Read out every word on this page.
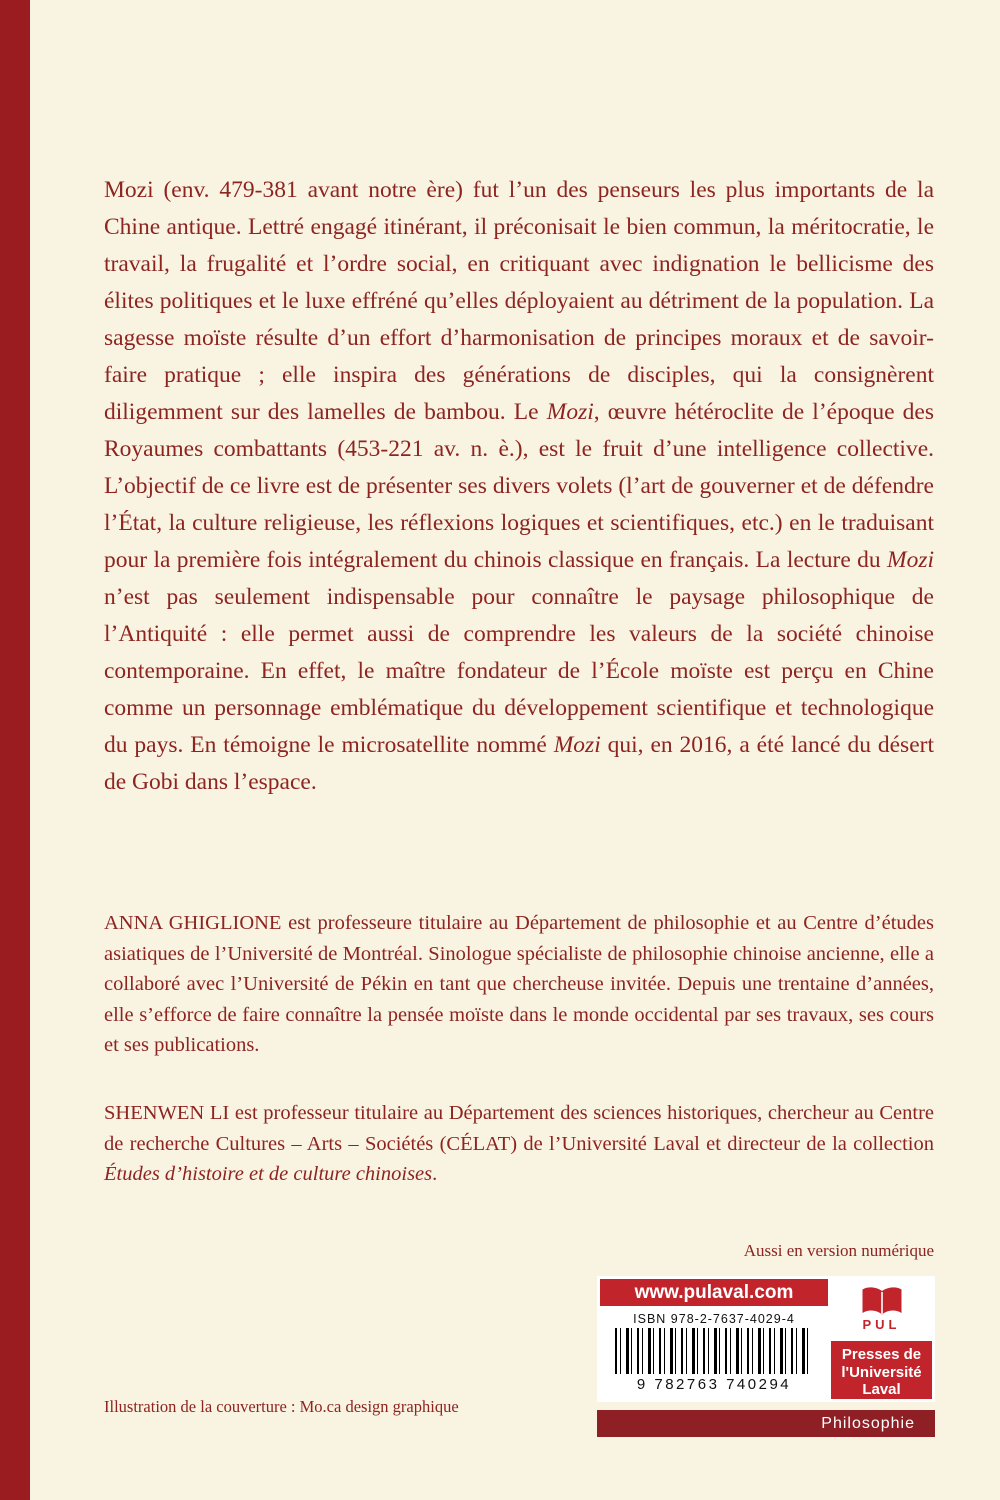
Mozi (env. 479-381 avant notre ère) fut l’un des penseurs les plus importants de la Chine antique. Lettré engagé itinérant, il préconisait le bien commun, la méritocratie, le travail, la frugalité et l’ordre social, en critiquant avec indignation le bellicisme des élites politiques et le luxe effréné qu’elles déployaient au détriment de la population. La sagesse moïste résulte d’un effort d’harmonisation de principes moraux et de savoir-faire pratique ; elle inspira des générations de disciples, qui la consignèrent diligemment sur des lamelles de bambou. Le Mozi, œuvre hétéroclite de l’époque des Royaumes combattants (453-221 av. n. è.), est le fruit d’une intelligence collective. L’objectif de ce livre est de présenter ses divers volets (l’art de gouverner et de défendre l’État, la culture religieuse, les réflexions logiques et scientifiques, etc.) en le traduisant pour la première fois intégralement du chinois classique en français. La lecture du Mozi n’est pas seulement indispensable pour connaître le paysage philosophique de l’Antiquité : elle permet aussi de comprendre les valeurs de la société chinoise contemporaine. En effet, le maître fondateur de l’École moïste est perçu en Chine comme un personnage emblématique du développement scientifique et technologique du pays. En témoigne le microsatellite nommé Mozi qui, en 2016, a été lancé du désert de Gobi dans l’espace.

ANNA GHIGLIONE est professeure titulaire au Département de philosophie et au Centre d’études asiatiques de l’Université de Montréal. Sinologue spécialiste de philosophie chinoise ancienne, elle a collaboré avec l’Université de Pékin en tant que chercheuse invitée. Depuis une trentaine d’années, elle s’efforce de faire connaître la pensée moïste dans le monde occidental par ses travaux, ses cours et ses publications.

SHENWEN LI est professeur titulaire au Département des sciences historiques, chercheur au Centre de recherche Cultures – Arts – Sociétés (CÉLAT) de l’Université Laval et directeur de la collection Études d’histoire et de culture chinoises.

Aussi en version numérique
www.pulaval.com
ISBN 978-2-7637-4029-4
9 782763 740294
PUL
Presses de
l'Université
Laval
Philosophie
Illustration de la couverture : Mo.ca design graphique
